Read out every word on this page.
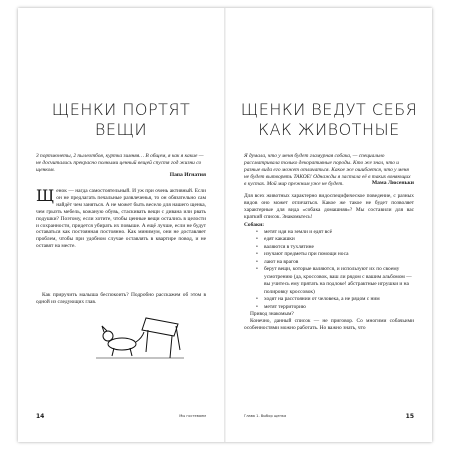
ЩЕНКИ ПОРТЯТ ВЕЩИ

3 портмонеты, 2 пылеотбоя, куртка зимняя… В общем, я как я какие — не досчитались прекрасно полными ценный вещей спустя год жизни со щенком.

Папа Игнатия

Щенок — нагда самостоятельный. И уж при очень активный. Если он не предлагать печальные развлеченья, то он обязательно сам найдёт чем заняться. А не может быть весело для нашего щенка, чем грызть мебель, кожаную обувь, стаскивать вещи с дивана или рвать подушки? Поэтому, если хотите, чтобы ценные вещи остались в целости и сохранности, придется убирать их повыше. А ещё лучше, если не будут оставаться как постоянная постоянно. Как минимум, они не доставляет проблем, чтобы при удобном случае оставлять в квартире повод, и не оставят на месте.

Как приручить малыша беспокоить? Подробно расскажем об этом в одной из следующих глав.

14	Мы гостеваем
ЩЕНКИ ВЕДУТ СЕБЯ
КАК ЖИВОТНЫЕ

Я думала, что у меня будет гламурная собака, — специально рассматривала только декоративные породы. Кто же знал, что и разные вида его может отличаться. Какое же ошибается, что у меня не будет вытворять ТАКОЕ! Однажды я застала её в таких воняющих в кустах. Мой мир прежним уже не будет.	Мама Люсеньки

Для всех животных характерно видоспецифическое поведение, с разных видов оно может отличаться. Какое же такое не будет позволяет характерные для вида «собака домашняя»? Мы составили для вас краткий список. Знакомьтесь!

Собаки:

• метят идя на земли и едят всё
• едят какашки
• валяются в тухлятине
• изучают предметы при помощи носа
• лают на врагов
• берут вещи, которые валяются, и используют их по своему усмотрению (да, кроссовок, ваш ли рядом с вашим альбомом — вы учитесь ему прятать на подлоке! абстрактные игрушки и на полировку кроссовок)
• ходят на расстоянии от человека, а не рядом с ним
• метят территорию

Привод знакомым?

Конечно, данный список — не приговор. Со многими собачьими особенностями можно работать. Но важно знать, что

15
Глава 1. Выбор щенка
